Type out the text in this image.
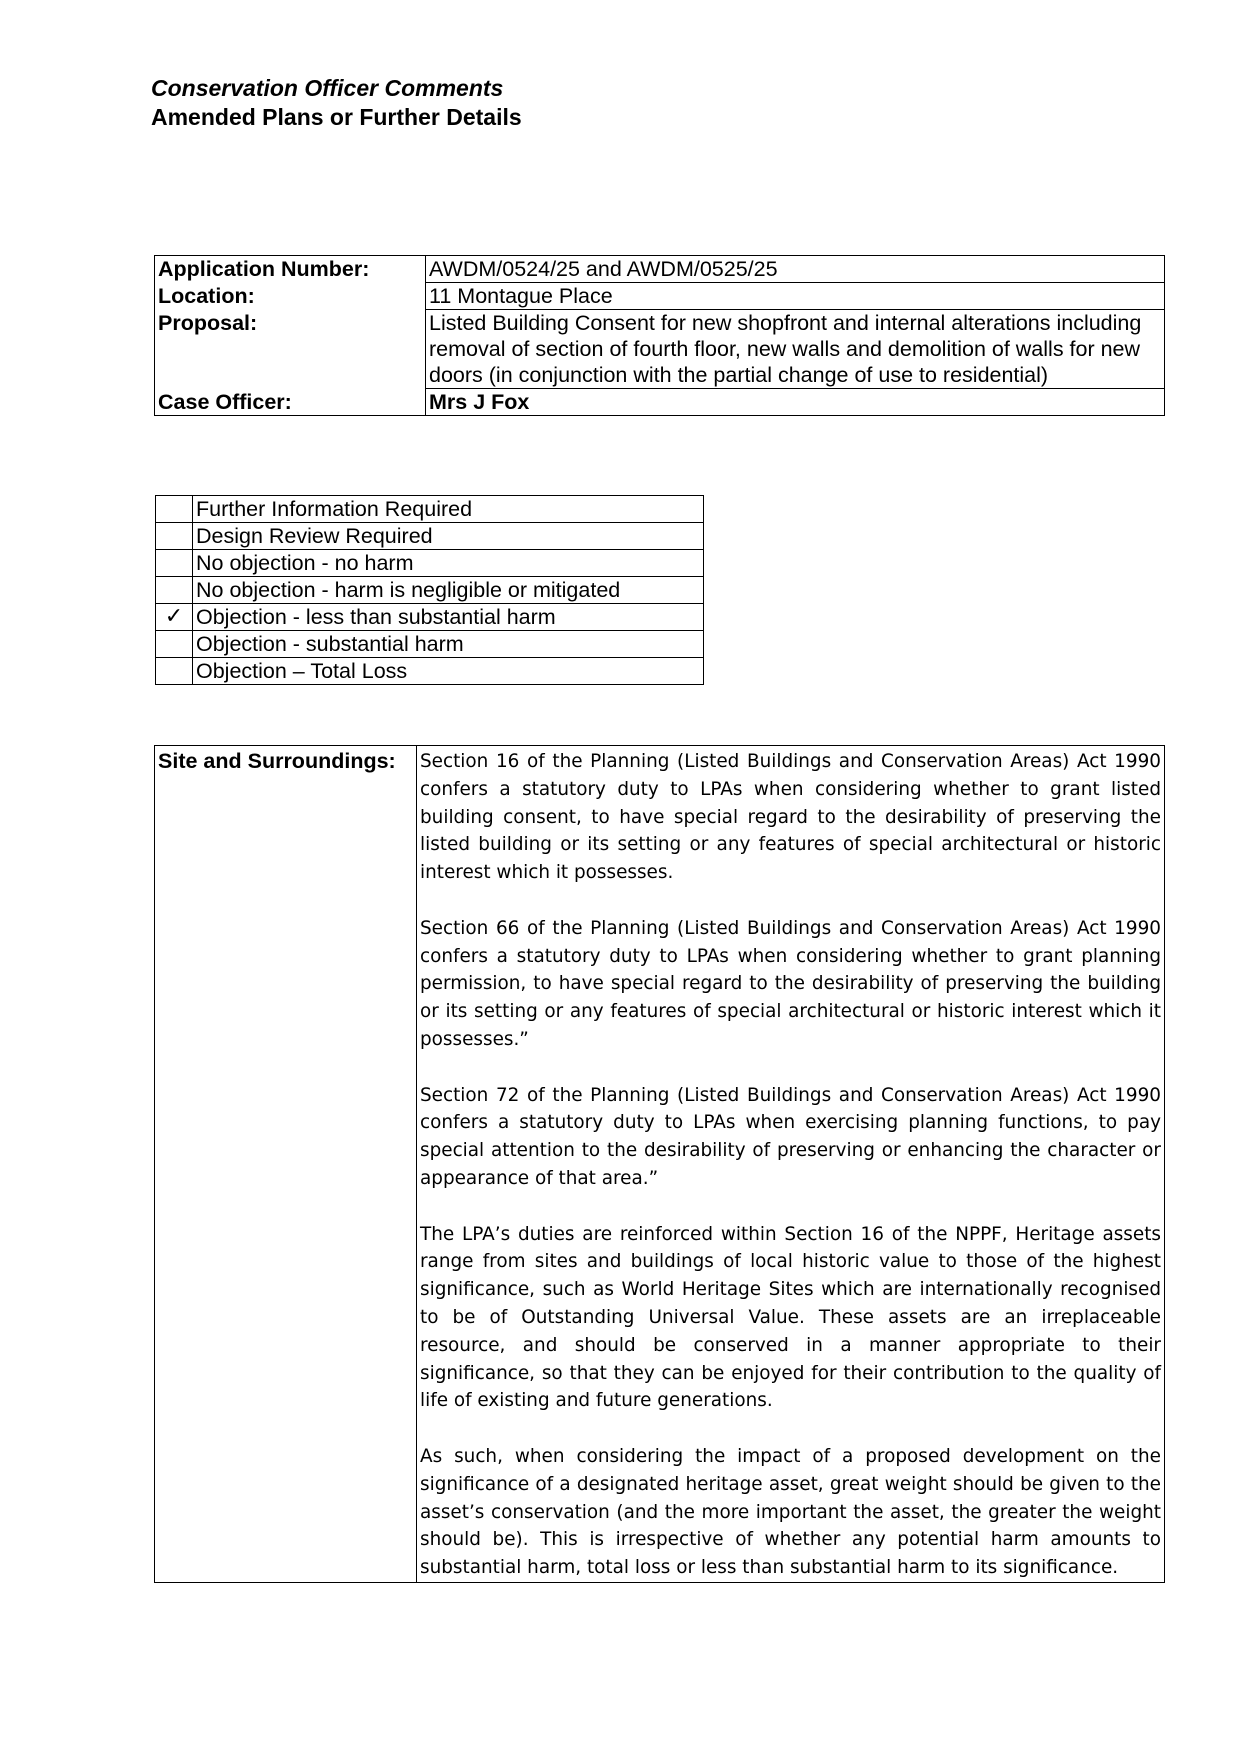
Conservation Officer Comments
Amended Plans or Further Details
Application Number:	AWDM/0524/25 and AWDM/0525/25
Location:	11 Montague Place
Proposal:	Listed Building Consent for new shopfront and internal alterations including removal of section of fourth floor, new walls and demolition of walls for new doors (in conjunction with the partial change of use to residential)
Case Officer:	Mrs J Fox
	Further Information Required
	Design Review Required
	No objection - no harm
	No objection - harm is negligible or mitigated
✓	Objection - less than substantial harm
	Objection - substantial harm
	Objection – Total Loss
Site and Surroundings:	Section 16 of the Planning (Listed Buildings and Conservation Areas) Act 1990 confers a statutory duty to LPAs when considering whether to grant listed building consent, to have special regard to the desirability of preserving the listed building or its setting or any features of special architectural or historic interest which it possesses.

Section 66 of the Planning (Listed Buildings and Conservation Areas) Act 1990 confers a statutory duty to LPAs when considering whether to grant planning permission, to have special regard to the desirability of preserving the building or its setting or any features of special architectural or historic interest which it possesses.”

Section 72 of the Planning (Listed Buildings and Conservation Areas) Act 1990 confers a statutory duty to LPAs when exercising planning functions, to pay special attention to the desirability of preserving or enhancing the character or appearance of that area.”

The LPA’s duties are reinforced within Section 16 of the NPPF, Heritage assets range from sites and buildings of local historic value to those of the highest significance, such as World Heritage Sites which are internationally recognised to be of Outstanding Universal Value. These assets are an irreplaceable resource, and should be conserved in a manner appropriate to their significance, so that they can be enjoyed for their contribution to the quality of life of existing and future generations.

As such, when considering the impact of a proposed development on the significance of a designated heritage asset, great weight should be given to the asset’s conservation (and the more important the asset, the greater the weight should be). This is irrespective of whether any potential harm amounts to substantial harm, total loss or less than substantial harm to its significance.
